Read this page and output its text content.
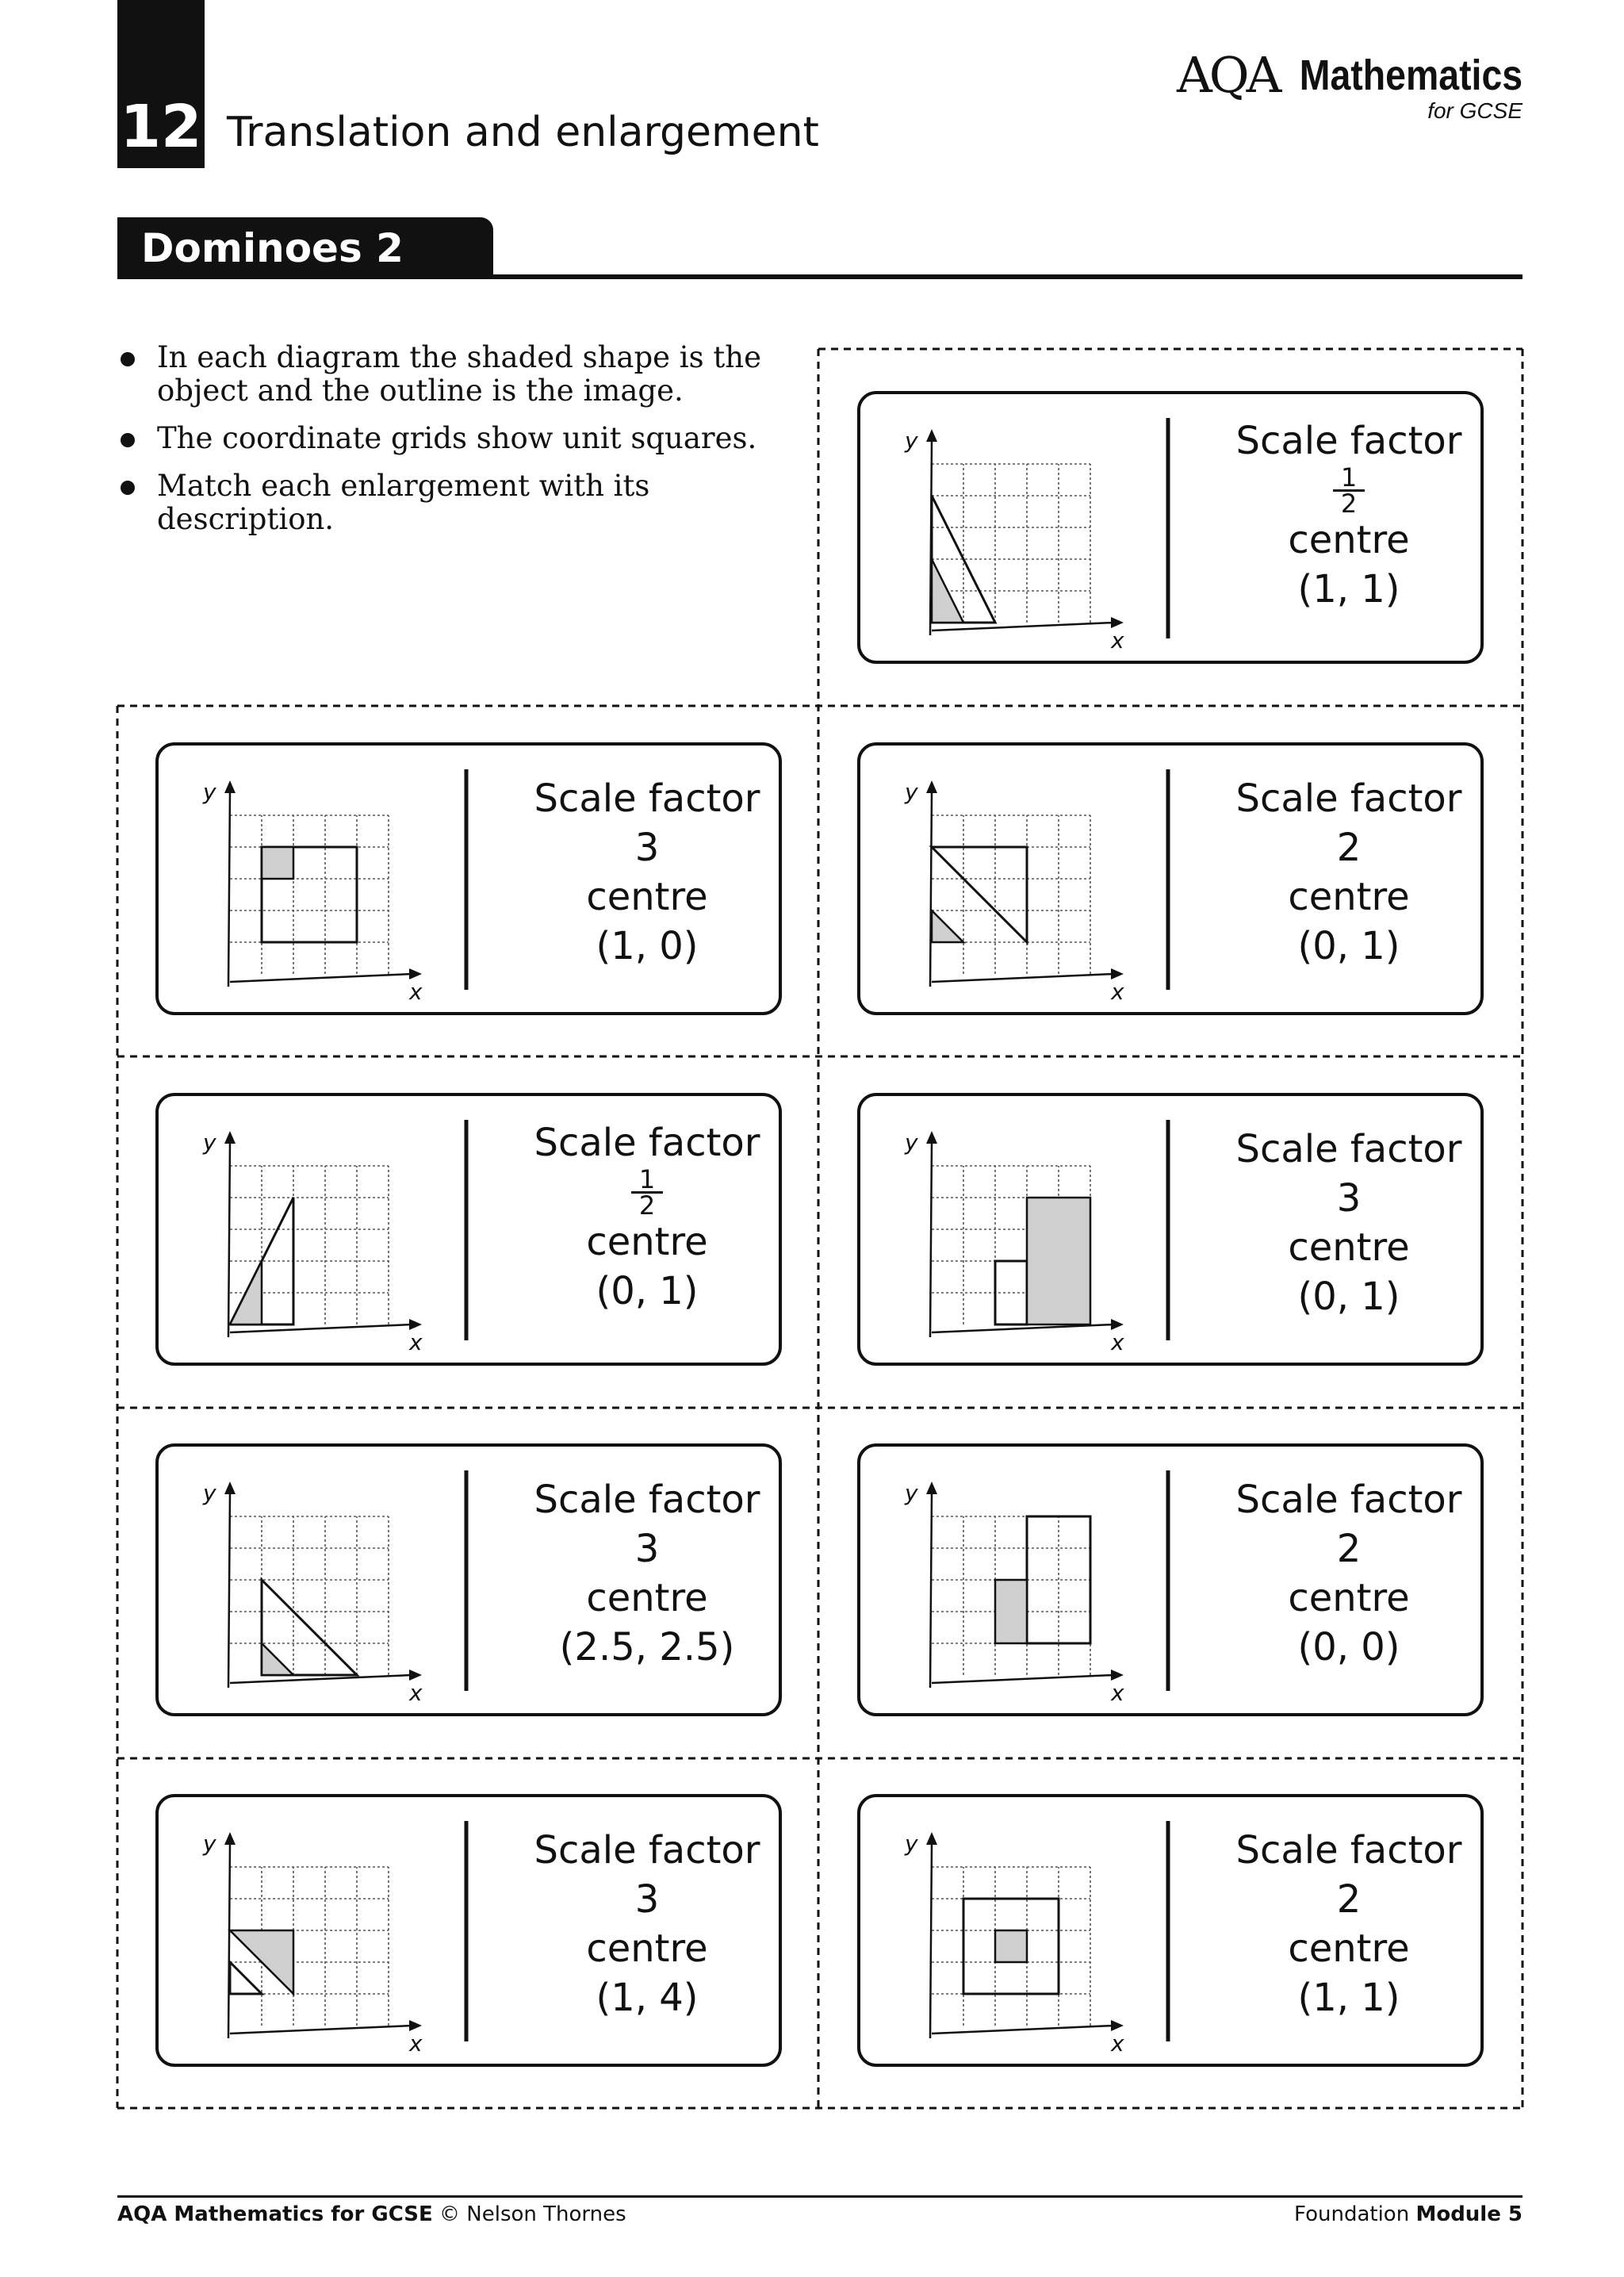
12 Translation and enlargement
AQA Mathematics
for GCSE
Dominoes 2
In each diagram the shaded shape is the object and the outline is the image.
The coordinate grids show unit squares.
Match each enlargement with its description.
x
y
x
y
x
y
x
y
x
y
x
y
x
y
x
y
x
y
Scale factor
1
2
centre
(1, 1)
Scale factor
3
centre
(1, 0)
Scale factor
2
centre
(0, 1)
Scale factor
1
2
centre
(0, 1)
Scale factor
3
centre
(0, 1)
Scale factor
3
centre
(2.5, 2.5)
Scale factor
2
centre
(0, 0)
Scale factor
3
centre
(1, 4)
Scale factor
2
centre
(1, 1)
AQA Mathematics for GCSE © Nelson Thornes	Foundation Module 5
